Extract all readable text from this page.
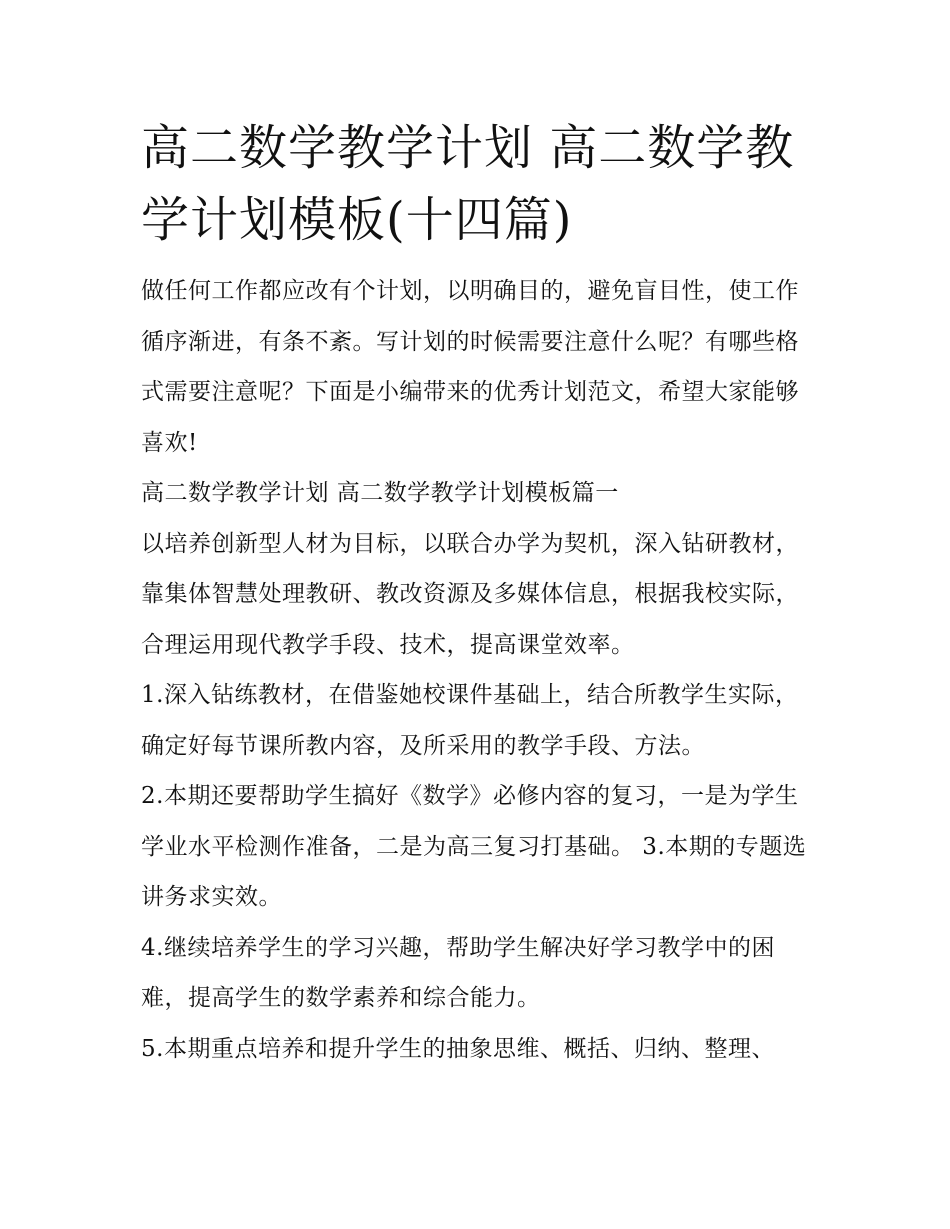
高二数学教学计划 高二数学教学计划模板(十四篇)

做任何工作都应改有个计划，以明确目的，避免盲目性，使工作循序渐进，有条不紊。写计划的时候需要注意什么呢？有哪些格式需要注意呢？下面是小编带来的优秀计划范文，希望大家能够喜欢!

高二数学教学计划 高二数学教学计划模板篇一

以培养创新型人材为目标，以联合办学为契机，深入钻研教材，靠集体智慧处理教研、教改资源及多媒体信息，根据我校实际，合理运用现代教学手段、技术，提高课堂效率。

1.深入钻练教材，在借鉴她校课件基础上，结合所教学生实际，确定好每节课所教内容，及所采用的教学手段、方法。

2.本期还要帮助学生搞好《数学》必修内容的复习，一是为学生学业水平检测作准备，二是为高三复习打基础。 3.本期的专题选讲务求实效。

4.继续培养学生的学习兴趣，帮助学生解决好学习教学中的困难，提高学生的数学素养和综合能力。

5.本期重点培养和提升学生的抽象思维、概括、归纳、整理、
